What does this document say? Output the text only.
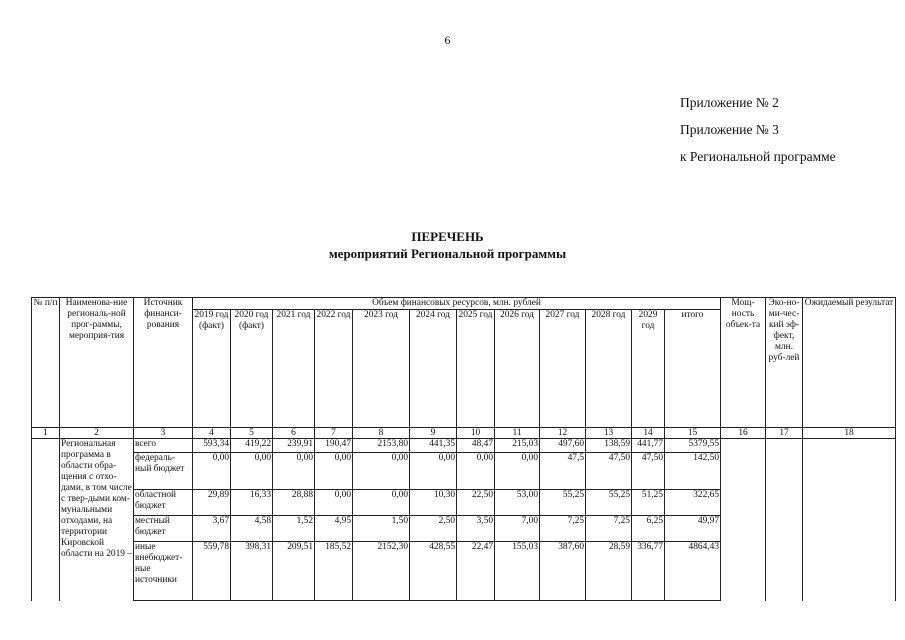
6
Приложение № 2
Приложение № 3
к Региональной программе
ПЕРЕЧЕНЬ
мероприятий Региональной программы
№ п/п	Наименова-ние региональ-ной прог-раммы, мероприя-тия	Источник финанси-рования	Объем финансовых ресурсов, млн. рублей												Мощ-ность объек-та	Эко-но-ми-чес-кий эф-фект, млн. руб-лей	Ожидаемый результат
			2019 год (факт)	2020 год (факт)	2021 год	2022 год	2023 год	2024 год	2025 год	2026 год	2027 год	2028 год	2029 год	итого			
1	2	3	4	5	6	7	8	9	10	11	12	13	14	15	16	17	18
	Региональная программа в области обра-щения с отхо-дами, в том числе с твер-дыми ком-мунальными отходами, на территории Кировской области на 2019 –	всего	593,34	419,22	239,91	190,47	2153,80	441,35	48,47	215,03	497,60	138,59	441,77	5379,55			
		федераль-ный бюджет	0,00	0,00	0,00	0,00	0,00	0,00	0,00	0,00	47,5	47,50	47,50	142,50			
		областной бюджет	29,89	16,33	28,88	0,00	0,00	10,30	22,50	53,00	55,25	55,25	51,25	322,65			
		местный бюджет	3,67	4,58	1,52	4,95	1,50	2,50	3,50	7,00	7,25	7,25	6,25	49,97			
		иные внебюджет-ные источники	559,78	398,31	209,51	185,52	2152,30	428,55	22,47	155,03	387,60	28,59	336,77	4864,43			
